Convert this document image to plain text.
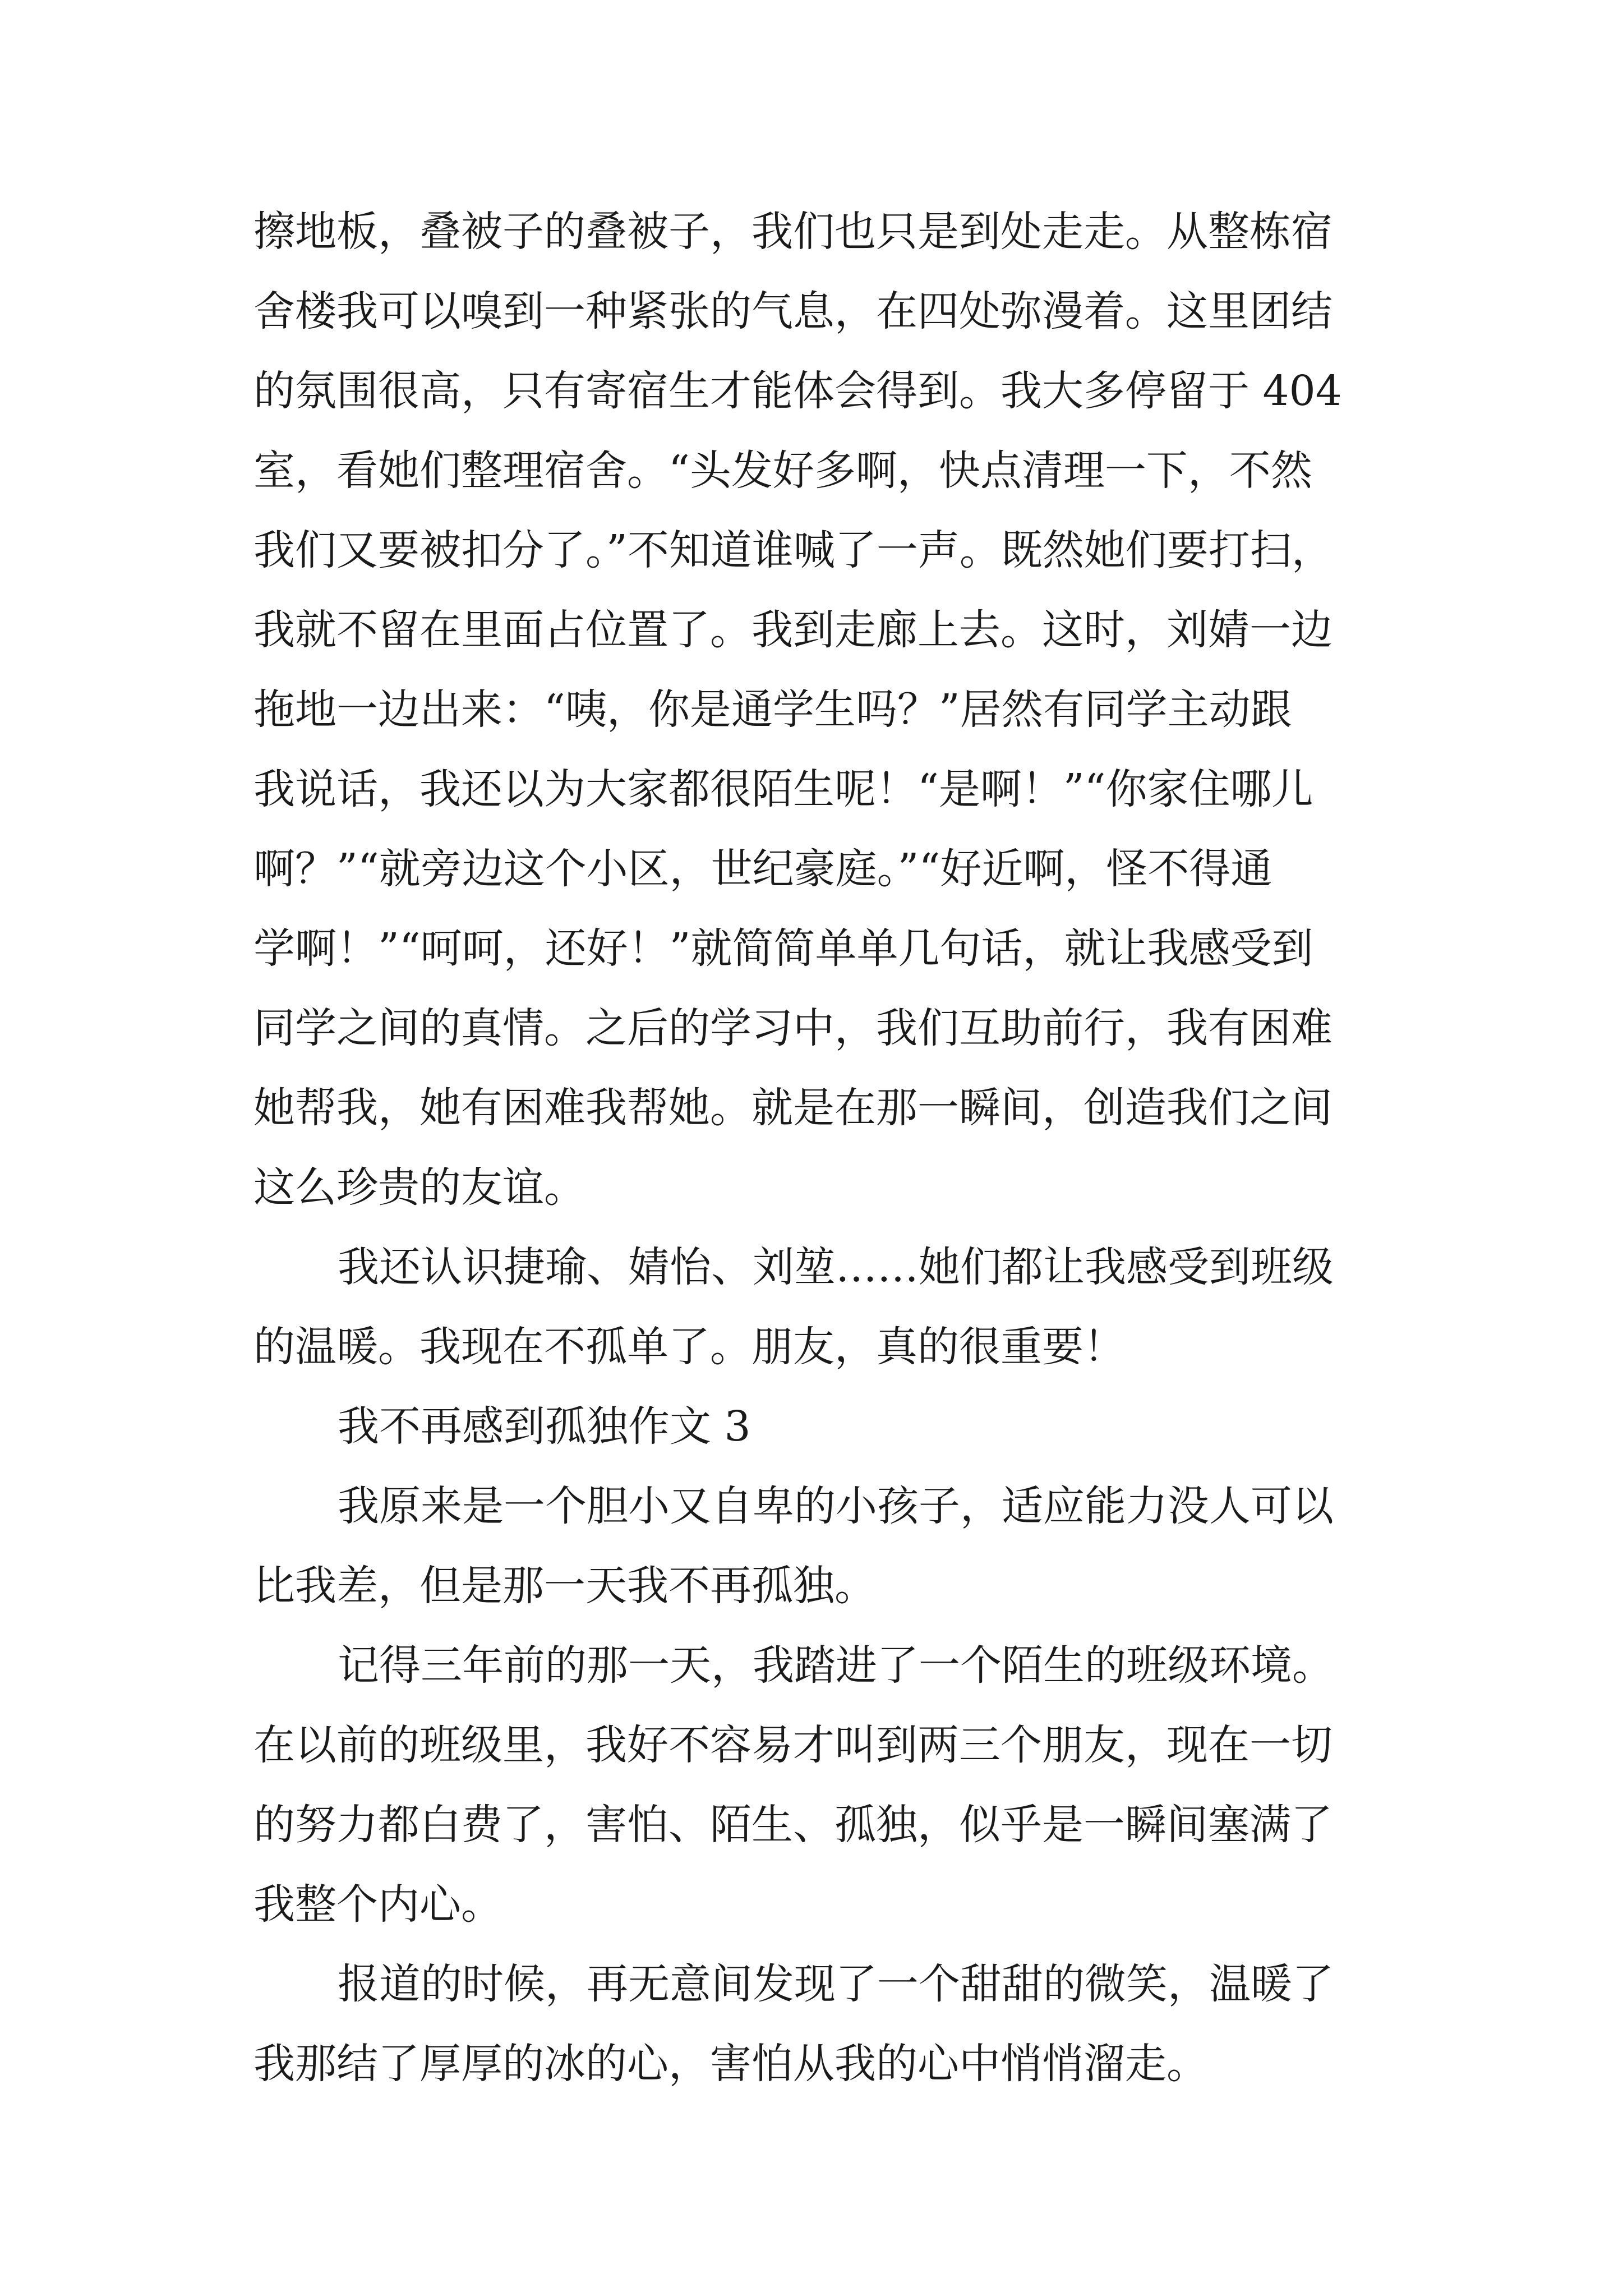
擦地板，叠被子的叠被子，我们也只是到处走走。从整栋宿
舍楼我可以嗅到一种紧张的气息，在四处弥漫着。这里团结
的氛围很高，只有寄宿生才能体会得到。我大多停留于 404
室，看她们整理宿舍。“头发好多啊，快点清理一下，不然
我们又要被扣分了。”不知道谁喊了一声。既然她们要打扫，
我就不留在里面占位置了。我到走廊上去。这时，刘婧一边
拖地一边出来：“咦，你是通学生吗？”居然有同学主动跟
我说话，我还以为大家都很陌生呢！“是啊！”“你家住哪儿
啊？”“就旁边这个小区，世纪豪庭。”“好近啊，怪不得通
学啊！”“呵呵，还好！”就简简单单几句话，就让我感受到
同学之间的真情。之后的学习中，我们互助前行，我有困难
她帮我，她有困难我帮她。就是在那一瞬间，创造我们之间
这么珍贵的友谊。
我还认识捷瑜、婧怡、刘堃……她们都让我感受到班级
的温暖。我现在不孤单了。朋友，真的很重要！
我不再感到孤独作文 3
我原来是一个胆小又自卑的小孩子，适应能力没人可以
比我差，但是那一天我不再孤独。
记得三年前的那一天，我踏进了一个陌生的班级环境。
在以前的班级里，我好不容易才叫到两三个朋友，现在一切
的努力都白费了，害怕、陌生、孤独，似乎是一瞬间塞满了
我整个内心。
报道的时候，再无意间发现了一个甜甜的微笑，温暖了
我那结了厚厚的冰的心，害怕从我的心中悄悄溜走。
